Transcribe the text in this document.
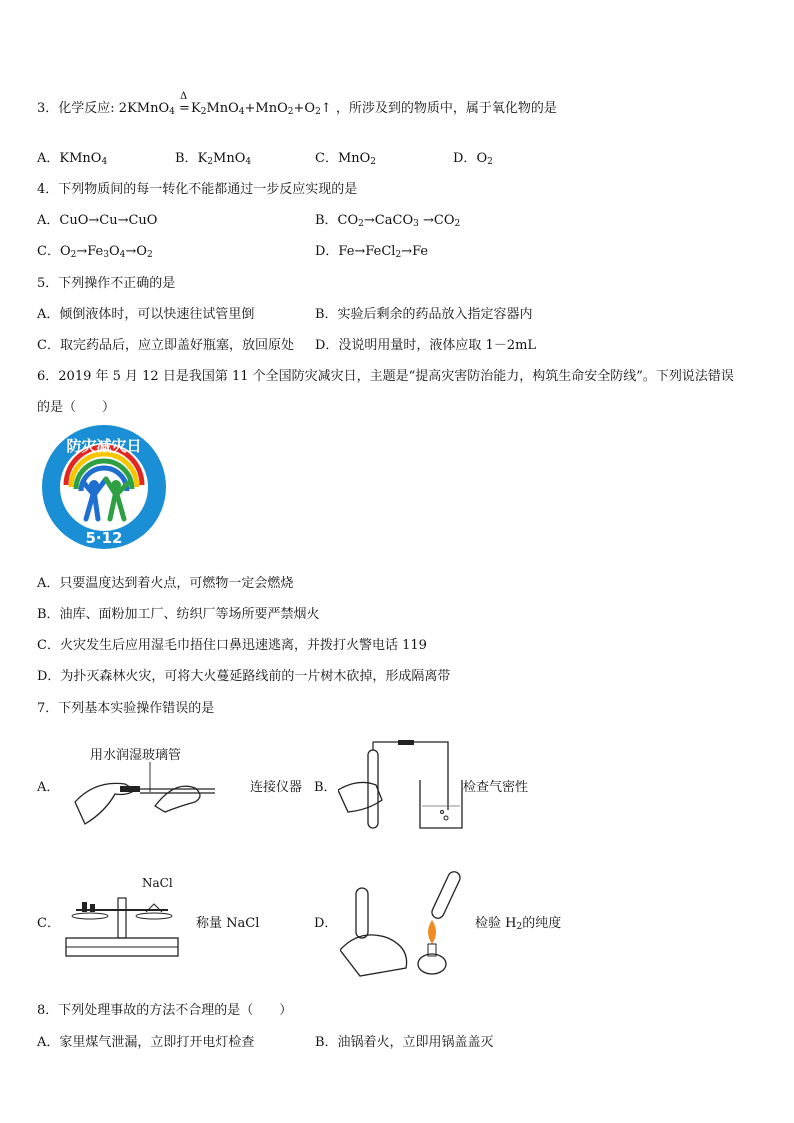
3．化学反应: 2KMnO$_4$
Δ
$=K_2MnO_4+MnO_2+O_2↑$ ，所涉及到的物质中，属于氧化物的是
A．KMnO$_4$	B．$K_2MnO_4$	C．MnO$_2$	D．$O_2$
4．下列物质间的每一转化不能都通过一步反应实现的是
A．CuO→Cu→CuO	B．$CO_2\to CaCO_3 \to CO_2$
C．$O_2\to Fe_3O_4\to O_2$	D．Fe→FeCl$_2$→Fe
5．下列操作不正确的是
A．倾倒液体时，可以快速往试管里倒	B．实验后剩余的药品放入指定容器内
C．取完药品后，应立即盖好瓶塞，放回原处 D．没说明用量时，液体应取 1－2mL
6．2019 年 5 月 12 日是我国第 11 个全国防灾减灾日，主题是“提高灾害防治能力，构筑生命安全防线”。下列说法错误
的是（　　）
防灾减灾日
5·12
A．只要温度达到着火点，可燃物一定会燃烧
B．油库、面粉加工厂、纺织厂等场所要严禁烟火
C．火灾发生后应用湿毛巾捂住口鼻迅速逃离，并拨打火警电话 119
D．为扑灭森林火灾，可将大火蔓延路线前的一片树木砍掉，形成隔离带
7．下列基本实验操作错误的是
A．
用水润湿玻璃管
连接仪器 B．	检查气密性
C．
NaCl
称量 NaCl	D．	检验 $H_2$的纯度
8．下列处理事故的方法不合理的是（　　）
A．家里煤气泄漏，立即打开电灯检查	B．油锅着火，立即用锅盖盖灭
